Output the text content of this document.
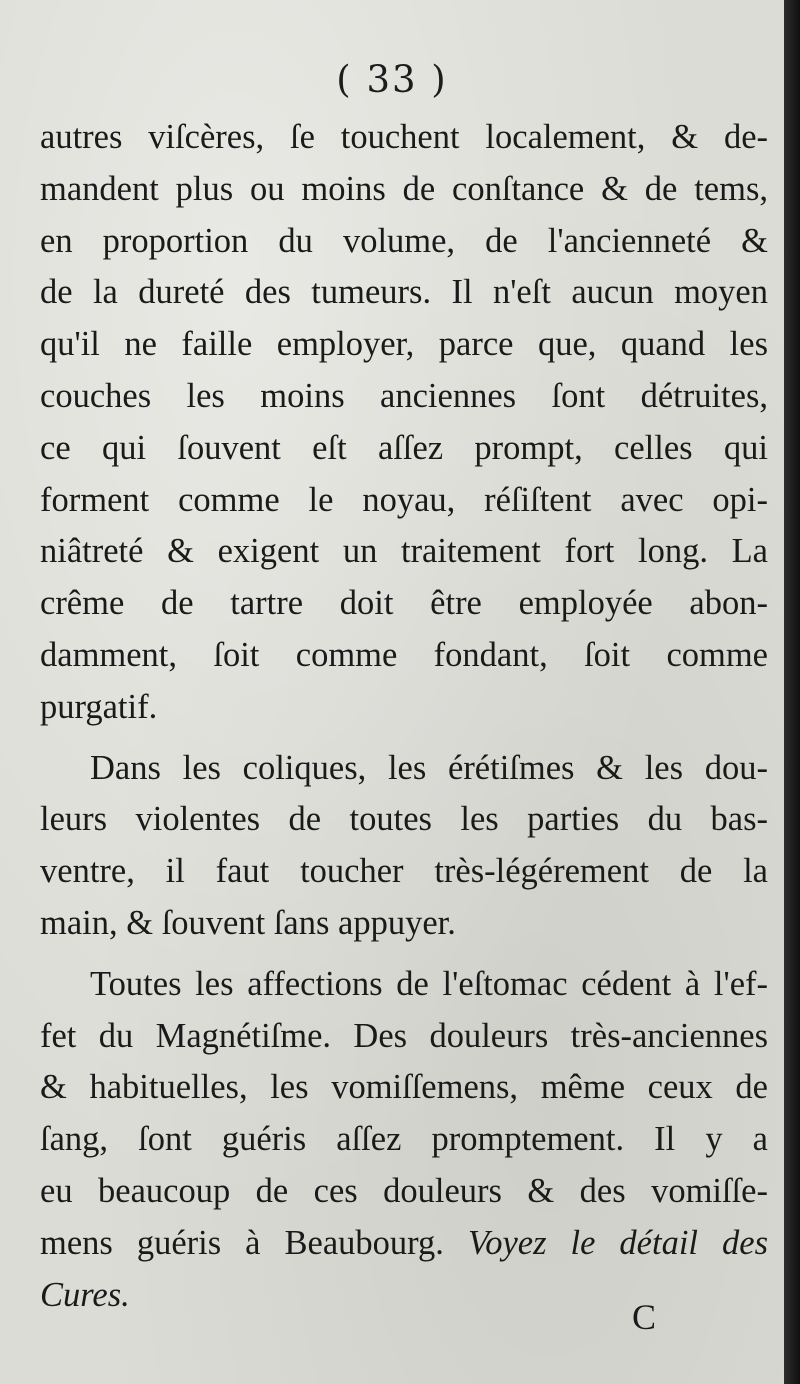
( 33 )
autres viſcères, ſe touchent localement, & de-
mandent plus ou moins de conſtance & de tems,
en proportion du volume, de l'ancienneté &
de la dureté des tumeurs. Il n'eſt aucun moyen
qu'il ne faille employer, parce que, quand les
couches les moins anciennes ſont détruites,
ce qui ſouvent eſt aſſez prompt, celles qui
forment comme le noyau, réſiſtent avec opi-
niâtreté & exigent un traitement fort long. La
crême de tartre doit être employée abon-
damment, ſoit comme fondant, ſoit comme
purgatif.
Dans les coliques, les érétiſmes & les dou-
leurs violentes de toutes les parties du bas-
ventre, il faut toucher très-légérement de la
main, & ſouvent ſans appuyer.
Toutes les affections de l'eſtomac cédent à l'ef-
fet du Magnétiſme. Des douleurs très-anciennes
& habituelles, les vomiſſemens, même ceux de
ſang, ſont guéris aſſez promptement. Il y a
eu beaucoup de ces douleurs & des vomiſſe-
mens guéris à Beaubourg. Voyez le détail des
Cures.
C
